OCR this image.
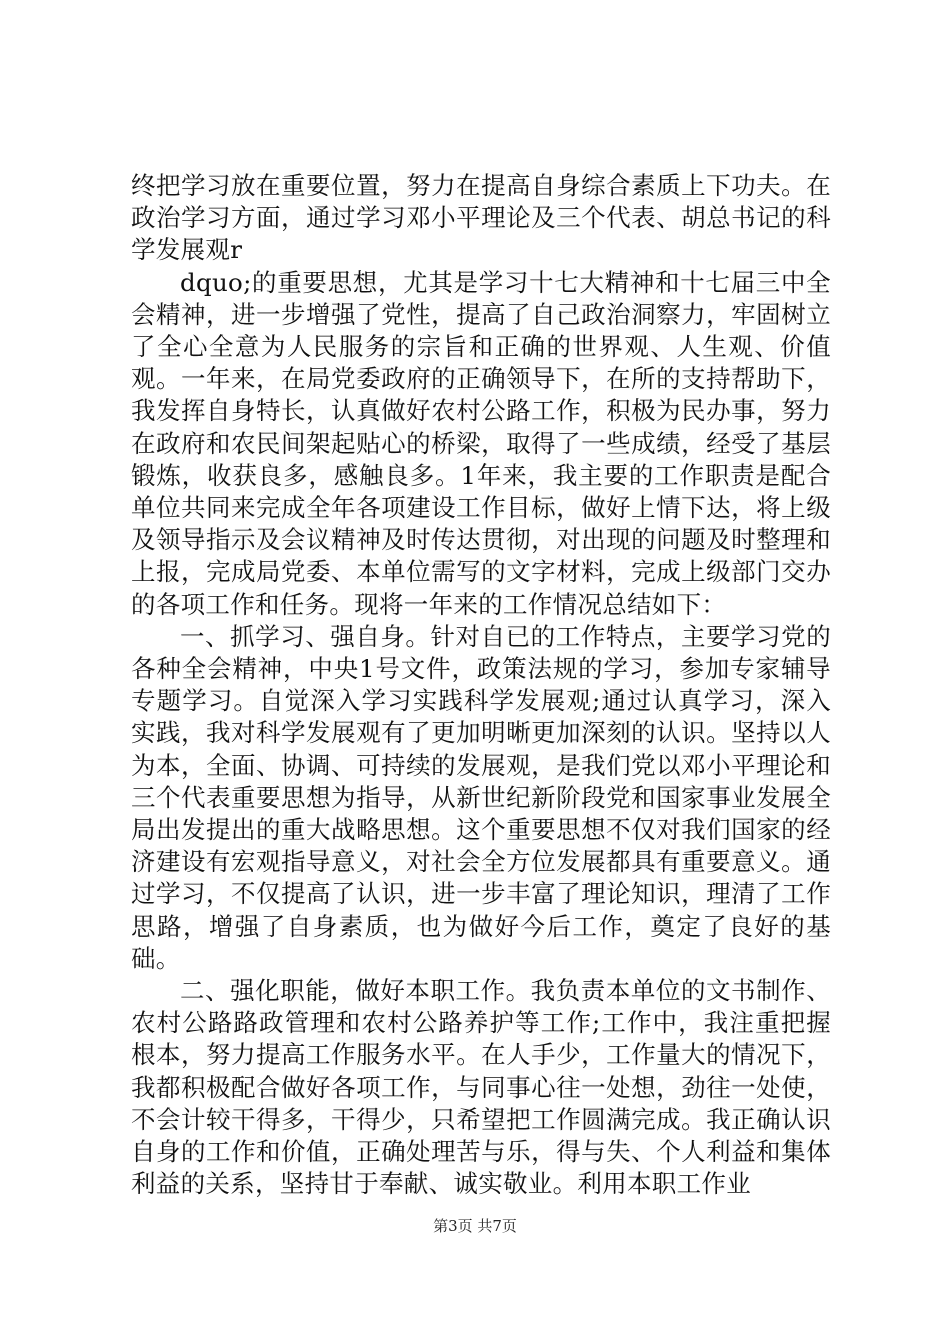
终把学习放在重要位置，努力在提高自身综合素质上下功夫。在政治学习方面，通过学习邓小平理论及三个代表、胡总书记的科学发展观r

dquo;的重要思想，尤其是学习十七大精神和十七届三中全会精神，进一步增强了党性，提高了自己政治洞察力，牢固树立了全心全意为人民服务的宗旨和正确的世界观、人生观、价值观。一年来，在局党委政府的正确领导下，在所的支持帮助下，我发挥自身特长，认真做好农村公路工作，积极为民办事，努力在政府和农民间架起贴心的桥梁，取得了一些成绩，经受了基层锻炼，收获良多，感触良多。1年来，我主要的工作职责是配合单位共同来完成全年各项建设工作目标，做好上情下达，将上级及领导指示及会议精神及时传达贯彻，对出现的问题及时整理和上报，完成局党委、本单位需写的文字材料，完成上级部门交办的各项工作和任务。现将一年来的工作情况总结如下：

一、抓学习、强自身。针对自已的工作特点，主要学习党的各种全会精神，中央1号文件，政策法规的学习，参加专家辅导专题学习。自觉深入学习实践科学发展观;通过认真学习，深入实践，我对科学发展观有了更加明晰更加深刻的认识。坚持以人为本，全面、协调、可持续的发展观，是我们党以邓小平理论和三个代表重要思想为指导，从新世纪新阶段党和国家事业发展全局出发提出的重大战略思想。这个重要思想不仅对我们国家的经济建设有宏观指导意义，对社会全方位发展都具有重要意义。通过学习，不仅提高了认识，进一步丰富了理论知识，理清了工作思路，增强了自身素质，也为做好今后工作，奠定了良好的基础。

二、强化职能，做好本职工作。我负责本单位的文书制作、农村公路路政管理和农村公路养护等工作;工作中，我注重把握根本，努力提高工作服务水平。在人手少，工作量大的情况下，我都积极配合做好各项工作，与同事心往一处想，劲往一处使，不会计较干得多，干得少，只希望把工作圆满完成。我正确认识自身的工作和价值，正确处理苦与乐，得与失、个人利益和集体利益的关系，坚持甘于奉献、诚实敬业。利用本职工作业

第3页 共7页
